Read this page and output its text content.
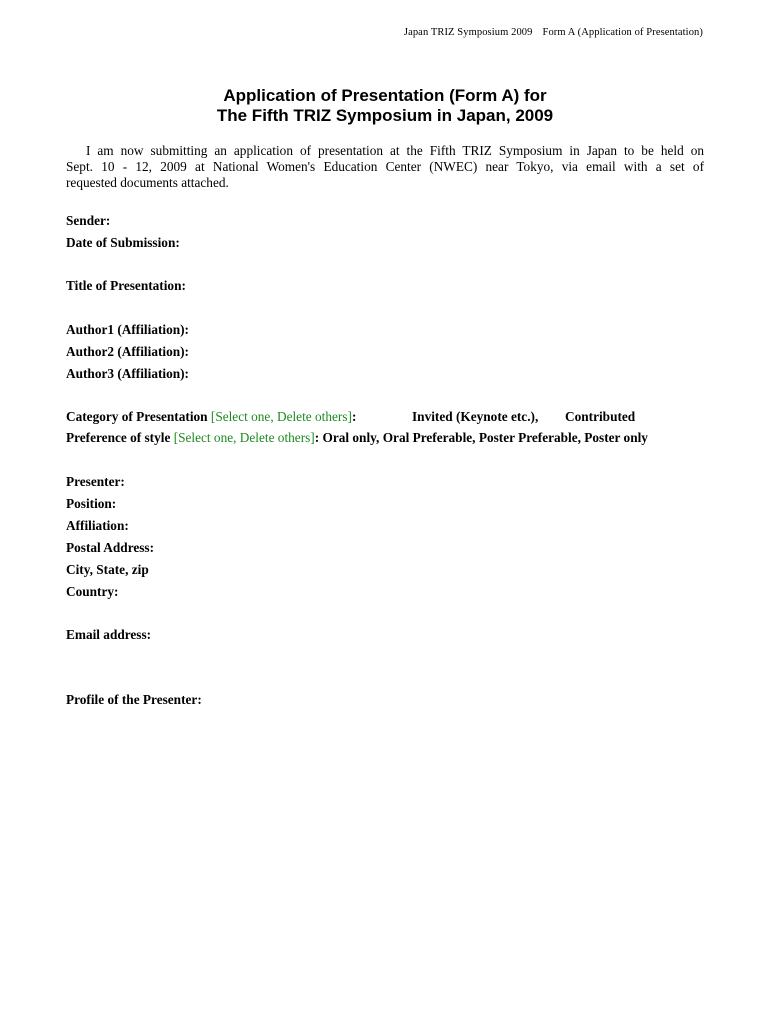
Japan TRIZ Symposium 2009 Form A (Application of Presentation)
Application of Presentation (Form A) for
The Fifth TRIZ Symposium in Japan, 2009
I am now submitting an application of presentation at the Fifth TRIZ Symposium in Japan to be held on
Sept. 10 - 12, 2009 at National Women's Education Center (NWEC) near Tokyo, via email with a set of
requested documents attached.
Sender:
Date of Submission:
Title of Presentation:
Author1 (Affiliation):
Author2 (Affiliation):
Author3 (Affiliation):
Category of Presentation [Select one, Delete others]:	Invited (Keynote etc.), Contributed
Preference of style [Select one, Delete others]: Oral only, Oral Preferable, Poster Preferable, Poster only
Presenter:
Position:
Affiliation:
Postal Address:
City, State, zip
Country:
Email address:
Profile of the Presenter:
